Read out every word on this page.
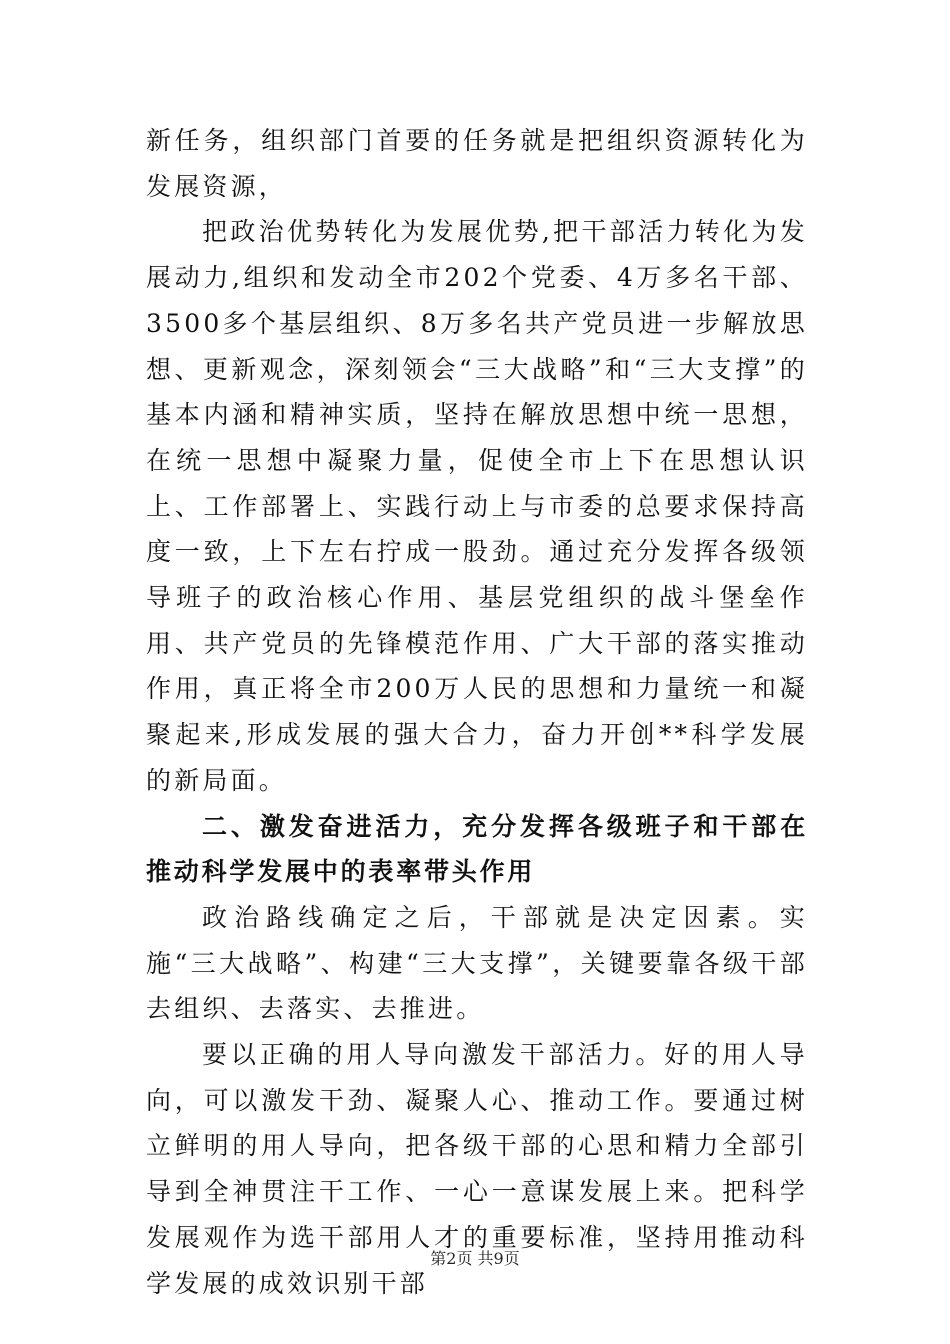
新任务，组织部门首要的任务就是把组织资源转化为发展资源，

把政治优势转化为发展优势,把干部活力转化为发展动力,组织和发动全市202个党委、4万多名干部、3500多个基层组织、8万多名共产党员进一步解放思想、更新观念，深刻领会“三大战略”和“三大支撑”的基本内涵和精神实质，坚持在解放思想中统一思想，在统一思想中凝聚力量，促使全市上下在思想认识上、工作部署上、实践行动上与市委的总要求保持高度一致，上下左右拧成一股劲。通过充分发挥各级领导班子的政治核心作用、基层党组织的战斗堡垒作用、共产党员的先锋模范作用、广大干部的落实推动作用，真正将全市200万人民的思想和力量统一和凝聚起来,形成发展的强大合力，奋力开创**科学发展的新局面。

二、激发奋进活力，充分发挥各级班子和干部在推动科学发展中的表率带头作用

政治路线确定之后，干部就是决定因素。实施“三大战略”、构建“三大支撑”，关键要靠各级干部去组织、去落实、去推进。

要以正确的用人导向激发干部活力。好的用人导向，可以激发干劲、凝聚人心、推动工作。要通过树立鲜明的用人导向，把各级干部的心思和精力全部引导到全神贯注干工作、一心一意谋发展上来。把科学发展观作为选干部用人才的重要标准，坚持用推动科学发展的成效识别干部

第2页 共9页
